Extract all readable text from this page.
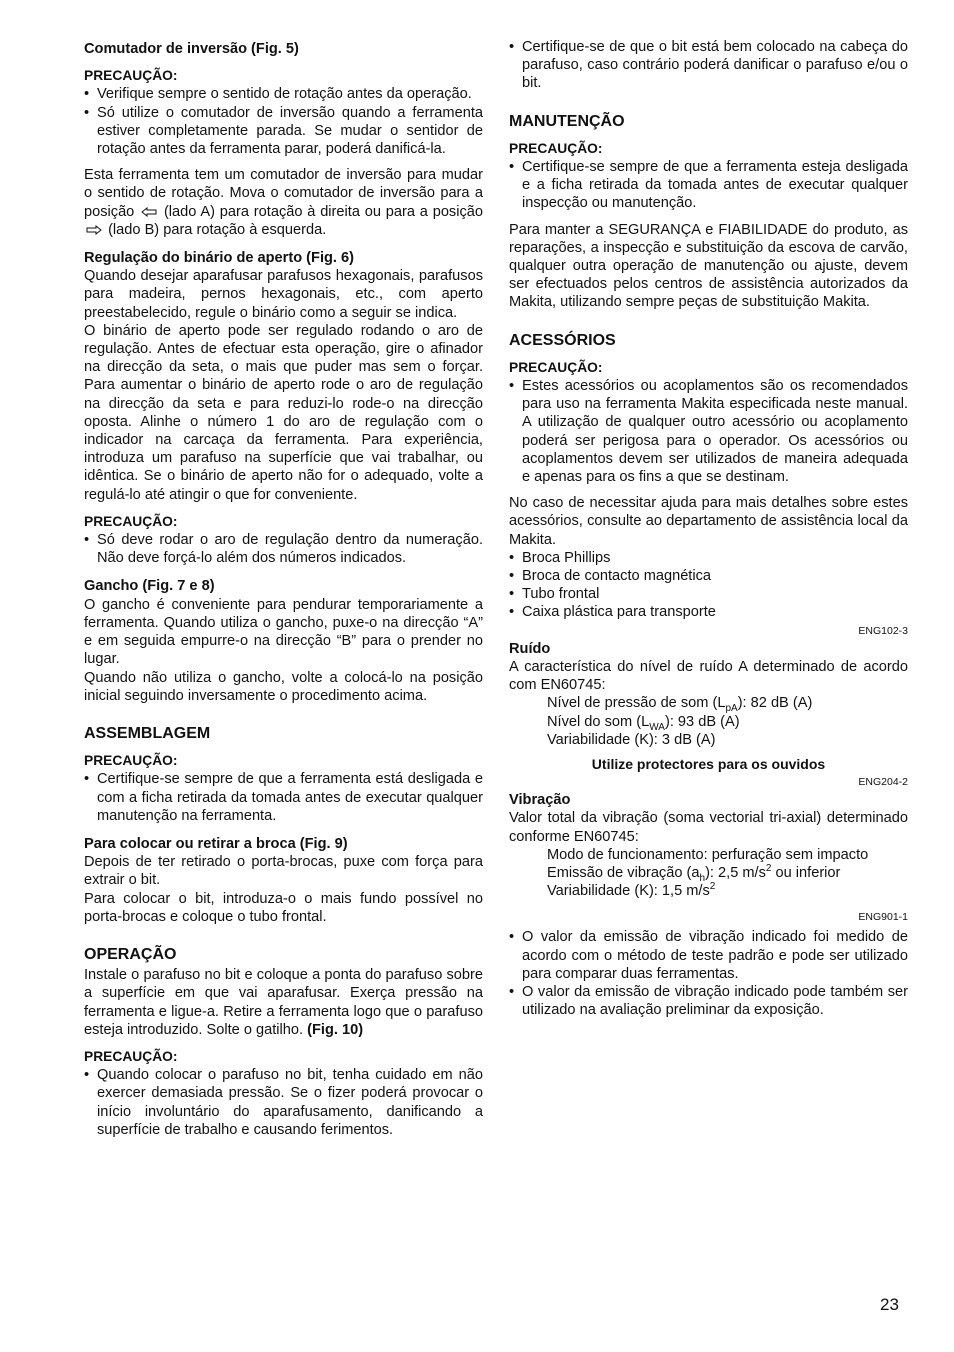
Comutador de inversão (Fig. 5)

PRECAUÇÃO:

• Verifique sempre o sentido de rotação antes da operação.
• Só utilize o comutador de inversão quando a ferramenta estiver completamente parada. Se mudar o sentidor de rotação antes da ferramenta parar, poderá danificá-la.

Esta ferramenta tem um comutador de inversão para mudar o sentido de rotação. Mova o comutador de inversão para a posição (lado A) para rotação à direita ou para a posição  (lado B) para rotação à esquerda.

Regulação do binário de aperto (Fig. 6)

Quando desejar aparafusar parafusos hexagonais, parafusos para madeira, pernos hexagonais, etc., com aperto preestabelecido, regule o binário como a seguir se indica.

O binário de aperto pode ser regulado rodando o aro de regulação. Antes de efectuar esta operação, gire o afinador na direcção da seta, o mais que puder mas sem o forçar. Para aumentar o binário de aperto rode o aro de regulação na direcção da seta e para reduzi-lo rode-o na direcção oposta. Alinhe o número 1 do aro de regulação com o indicador na carcaça da ferramenta. Para experiência, introduza um parafuso na superfície que vai trabalhar, ou idêntica. Se o binário de aperto não for o adequado, volte a regulá-lo até atingir o que for conveniente.

PRECAUÇÃO:

• Só deve rodar o aro de regulação dentro da numeração. Não deve forçá-lo além dos números indicados.

Gancho (Fig. 7 e 8)

O gancho é conveniente para pendurar temporariamente a ferramenta. Quando utiliza o gancho, puxe-o na direcção “A” e em seguida empurre-o na direcção “B” para o prender no lugar.

Quando não utiliza o gancho, volte a colocá-lo na posição inicial seguindo inversamente o procedimento acima.

ASSEMBLAGEM

PRECAUÇÃO:

• Certifique-se sempre de que a ferramenta está desligada e com a ficha retirada da tomada antes de executar qualquer manutenção na ferramenta.

Para colocar ou retirar a broca (Fig. 9)

Depois de ter retirado o porta-brocas, puxe com força para extrair o bit.

Para colocar o bit, introduza-o o mais fundo possível no porta-brocas e coloque o tubo frontal.

OPERAÇÃO

Instale o parafuso no bit e coloque a ponta do parafuso sobre a superfície em que vai aparafusar. Exerça pressão na ferramenta e ligue-a. Retire a ferramenta logo que o parafuso esteja introduzido. Solte o gatilho. (Fig. 10)

PRECAUÇÃO:

• Quando colocar o parafuso no bit, tenha cuidado em não exercer demasiada pressão. Se o fizer poderá provocar o início involuntário do aparafusamento, danificando a superfície de trabalho e causando ferimentos.
• Certifique-se de que o bit está bem colocado na cabeça do parafuso, caso contrário poderá danificar o parafuso e/ou o bit.

MANUTENÇÃO

PRECAUÇÃO:

• Certifique-se sempre de que a ferramenta esteja desligada e a ficha retirada da tomada antes de executar qualquer inspecção ou manutenção.

Para manter a SEGURANÇA e FIABILIDADE do produto, as reparações, a inspecção e substituição da escova de carvão, qualquer outra operação de manutenção ou ajuste, devem ser efectuados pelos centros de assistência autorizados da Makita, utilizando sempre peças de substituição Makita.

ACESSÓRIOS

PRECAUÇÃO:

• Estes acessórios ou acoplamentos são os recomendados para uso na ferramenta Makita especificada neste manual. A utilização de qualquer outro acessório ou acoplamento poderá ser perigosa para o operador. Os acessórios ou acoplamentos devem ser utilizados de maneira adequada e apenas para os fins a que se destinam.

No caso de necessitar ajuda para mais detalhes sobre estes acessórios, consulte ao departamento de assistência local da Makita.

• Broca Phillips
• Broca de contacto magnética
• Tubo frontal
• Caixa plástica para transporte

ENG102-3

Ruído

A característica do nível de ruído A determinado de acordo com EN60745:

Nível de pressão de som $(L_{pA})$: 82 dB (A)

Nível do som $(L_{WA})$: 93 dB (A)

Variabilidade (K): 3 dB (A)

Utilize protectores para os ouvidos

ENG204-2

Vibração

Valor total da vibração (soma vectorial tri-axial) determinado conforme EN60745:

Modo de funcionamento: perfuração sem impacto

Emissão de vibração $(a_h)$: 2,5 $m/s^2$ ou inferior

Variabilidade (K): 1,5 $m/s^2$

ENG901-1

• O valor da emissão de vibração indicado foi medido de acordo com o método de teste padrão e pode ser utilizado para comparar duas ferramentas.
• O valor da emissão de vibração indicado pode também ser utilizado na avaliação preliminar da exposição.
23
